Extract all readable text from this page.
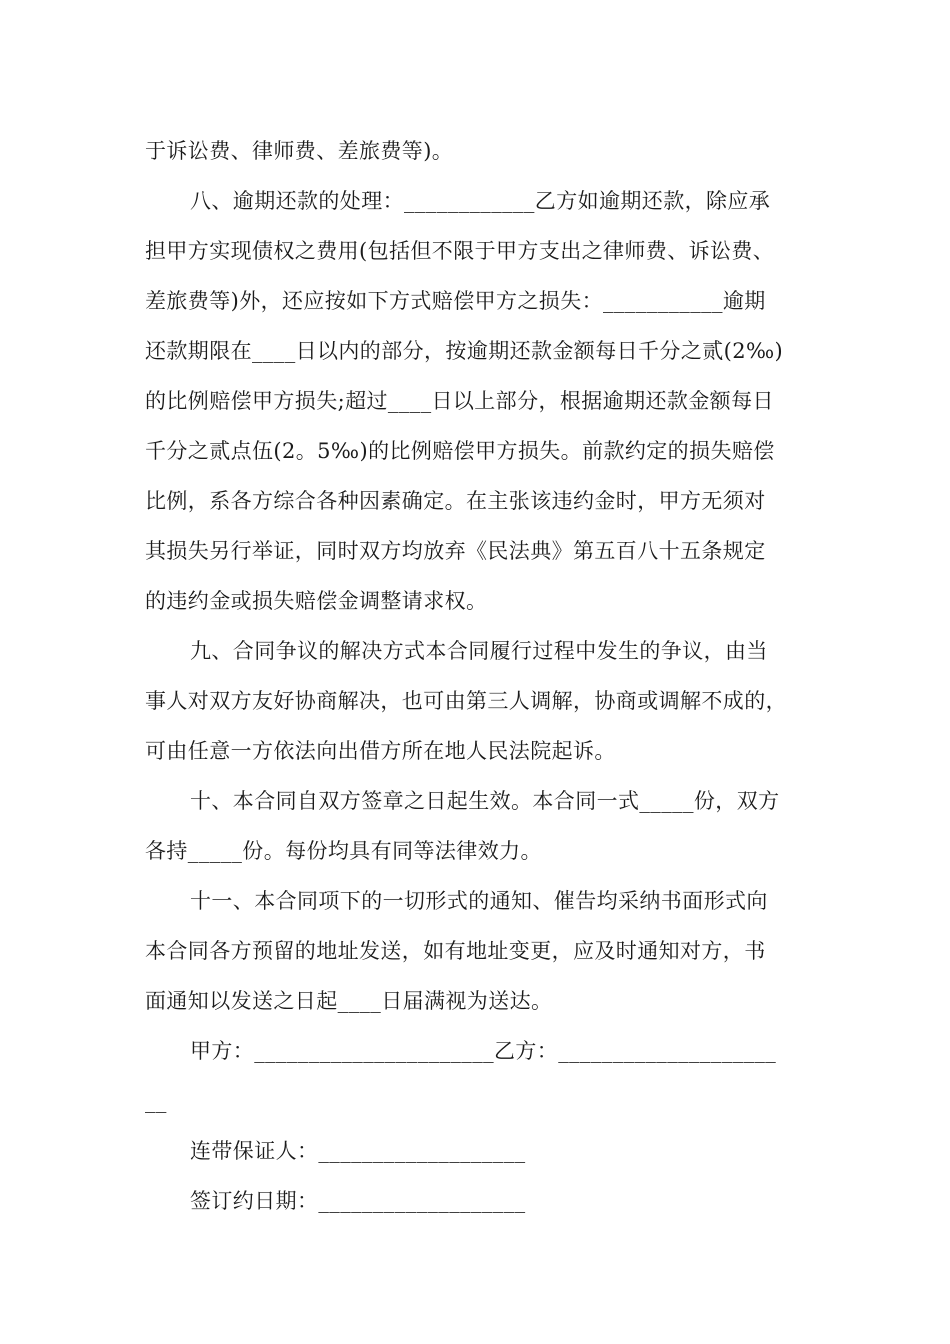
于诉讼费、律师费、差旅费等)。
八、逾期还款的处理：____________乙方如逾期还款，除应承
担甲方实现债权之费用(包括但不限于甲方支出之律师费、诉讼费、
差旅费等)外，还应按如下方式赔偿甲方之损失：___________逾期
还款期限在____日以内的部分，按逾期还款金额每日千分之贰(2‰)
的比例赔偿甲方损失;超过____日以上部分，根据逾期还款金额每日
千分之贰点伍(2。5‰)的比例赔偿甲方损失。前款约定的损失赔偿
比例，系各方综合各种因素确定。在主张该违约金时，甲方无须对
其损失另行举证，同时双方均放弃《民法典》第五百八十五条规定
的违约金或损失赔偿金调整请求权。
九、合同争议的解决方式本合同履行过程中发生的争议，由当
事人对双方友好协商解决，也可由第三人调解，协商或调解不成的，
可由任意一方依法向出借方所在地人民法院起诉。
十、本合同自双方签章之日起生效。本合同一式_____份，双方
各持_____份。每份均具有同等法律效力。
十一、本合同项下的一切形式的通知、催告均采纳书面形式向
本合同各方预留的地址发送，如有地址变更，应及时通知对方，书
面通知以发送之日起____日届满视为送达。
甲方：______________________乙方：____________________
__
连带保证人：___________________
签订约日期：___________________
